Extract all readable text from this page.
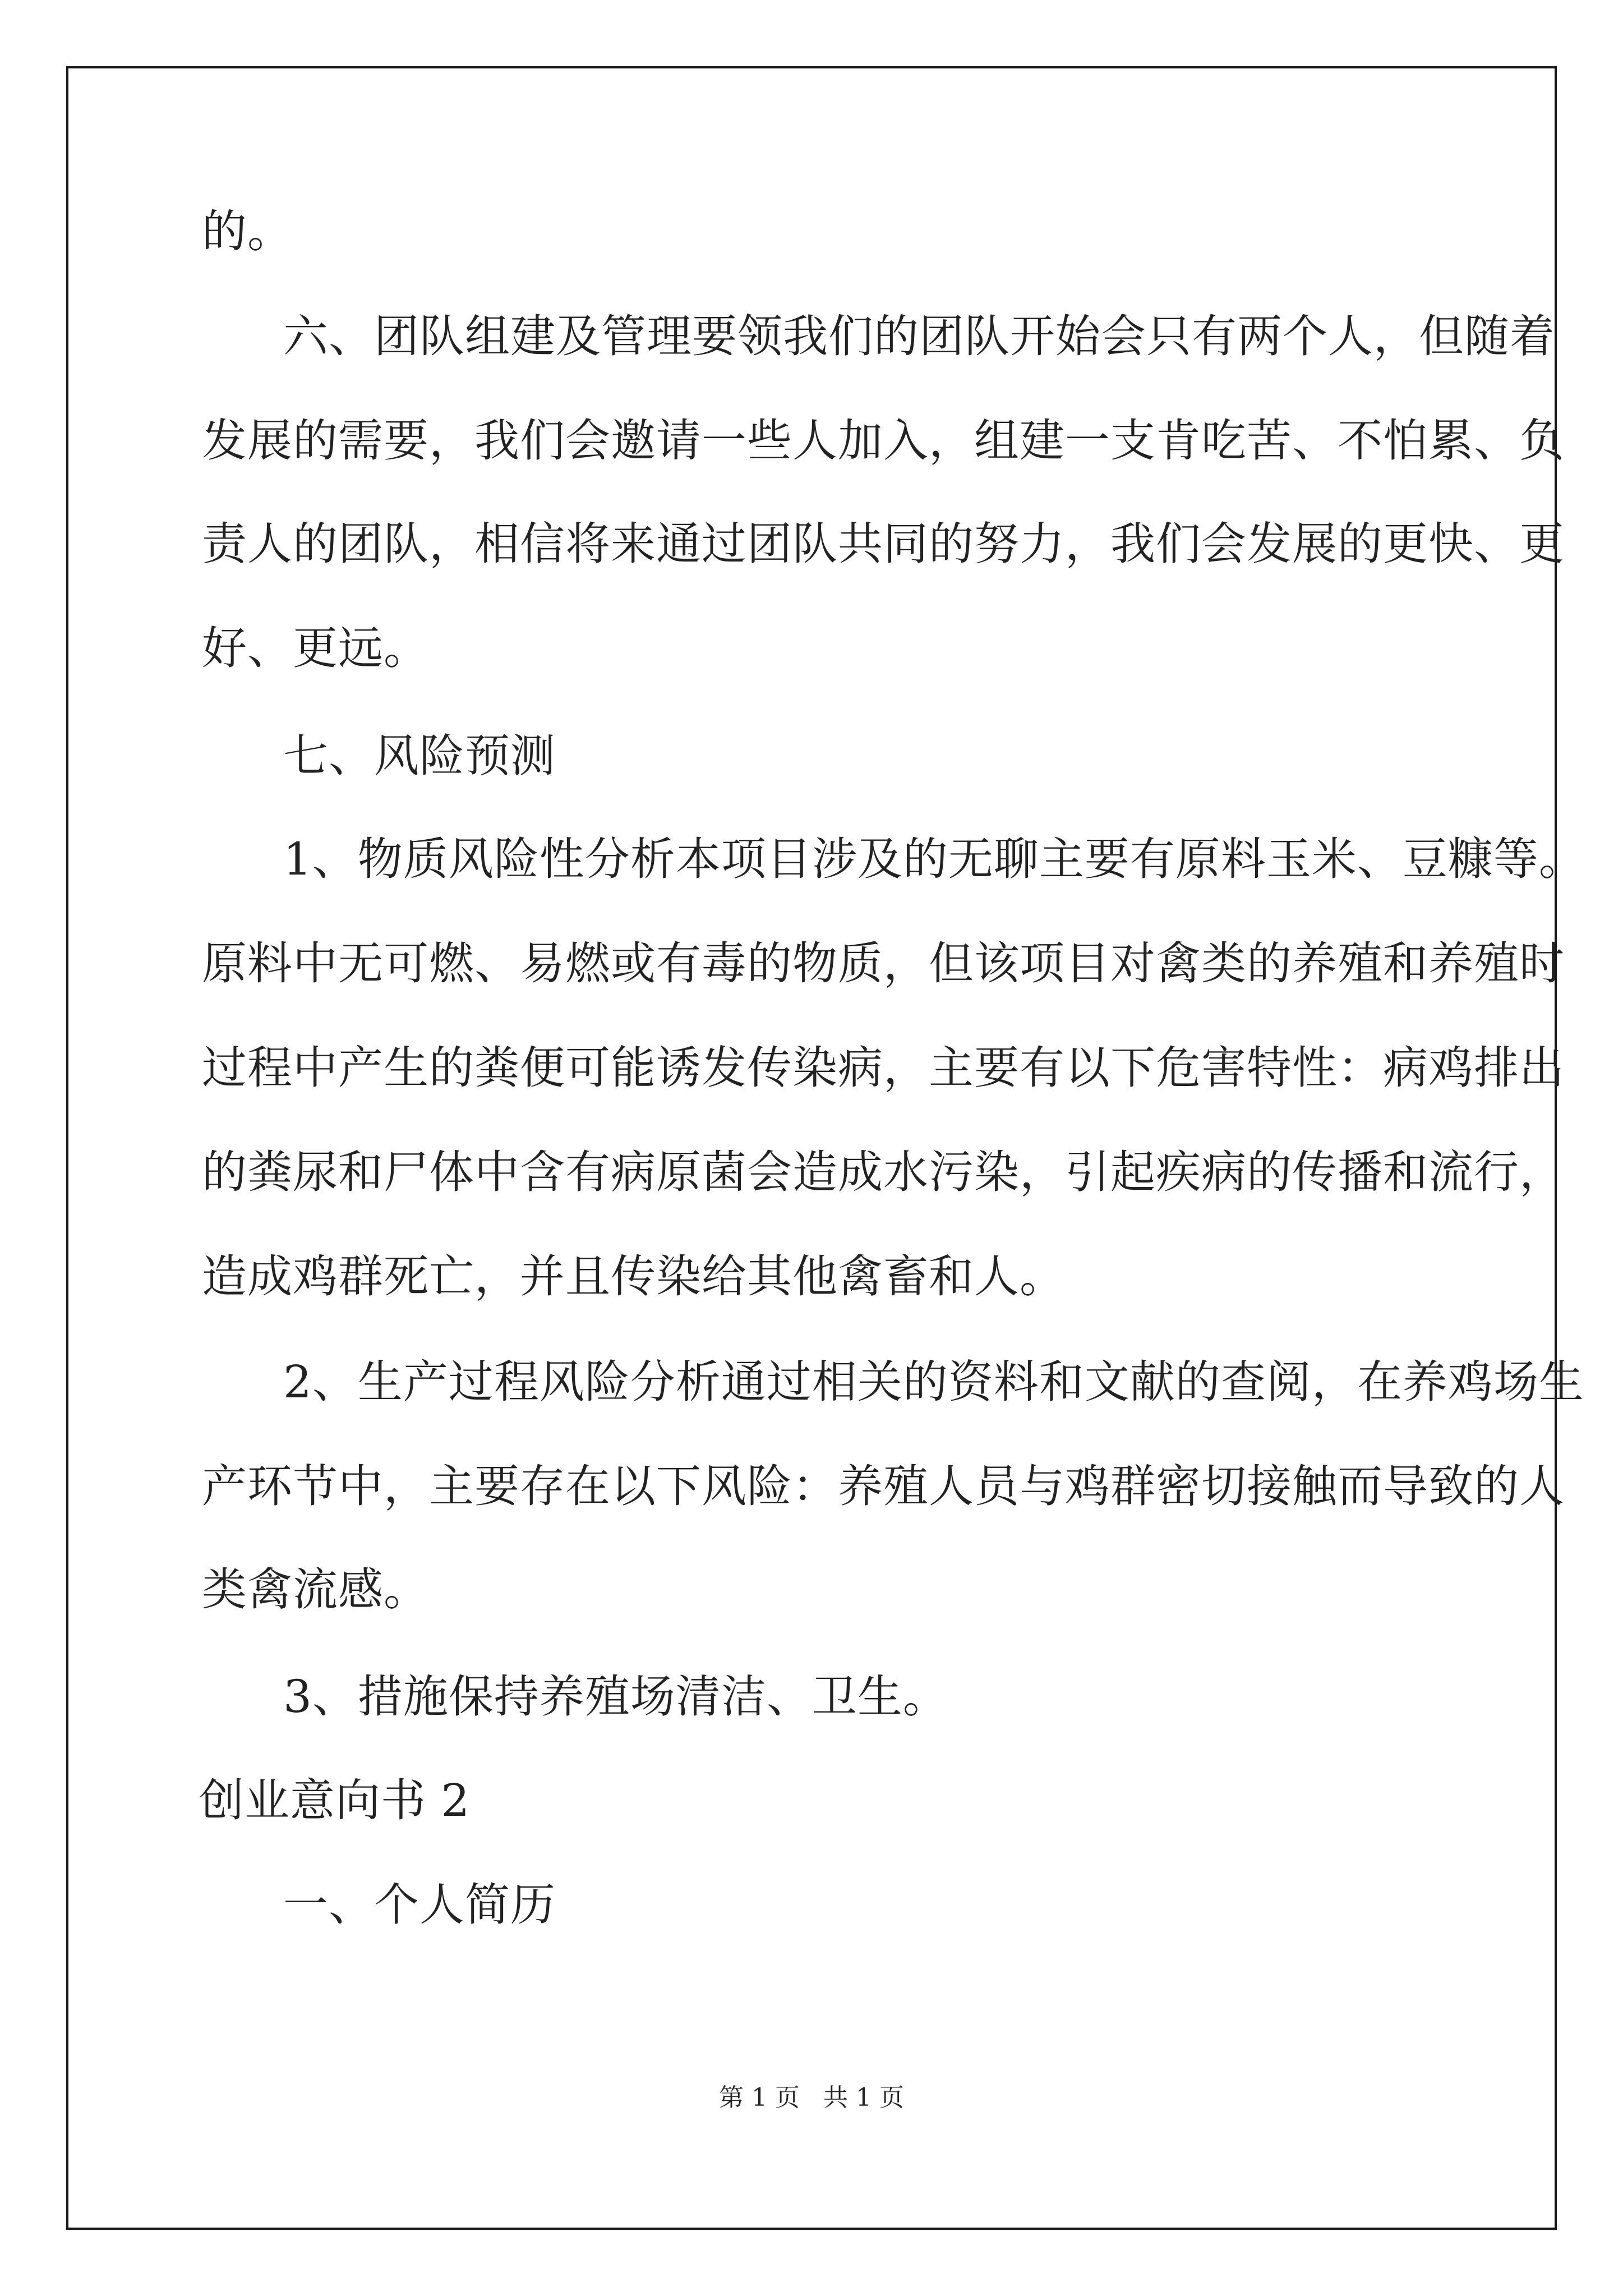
的。
六、团队组建及管理要领我们的团队开始会只有两个人，但随着
发展的需要，我们会邀请一些人加入，组建一支肯吃苦、不怕累、负
责人的团队，相信将来通过团队共同的努力，我们会发展的更快、更
好、更远。
七、风险预测
1、物质风险性分析本项目涉及的无聊主要有原料玉米、豆糠等。
原料中无可燃、易燃或有毒的物质，但该项目对禽类的养殖和养殖时
过程中产生的粪便可能诱发传染病，主要有以下危害特性：病鸡排出
的粪尿和尸体中含有病原菌会造成水污染，引起疾病的传播和流行，
造成鸡群死亡，并且传染给其他禽畜和人。
2、生产过程风险分析通过相关的资料和文献的查阅，在养鸡场生
产环节中，主要存在以下风险：养殖人员与鸡群密切接触而导致的人
类禽流感。
3、措施保持养殖场清洁、卫生。
创业意向书 2
一、个人简历
第 1 页   共 1 页
